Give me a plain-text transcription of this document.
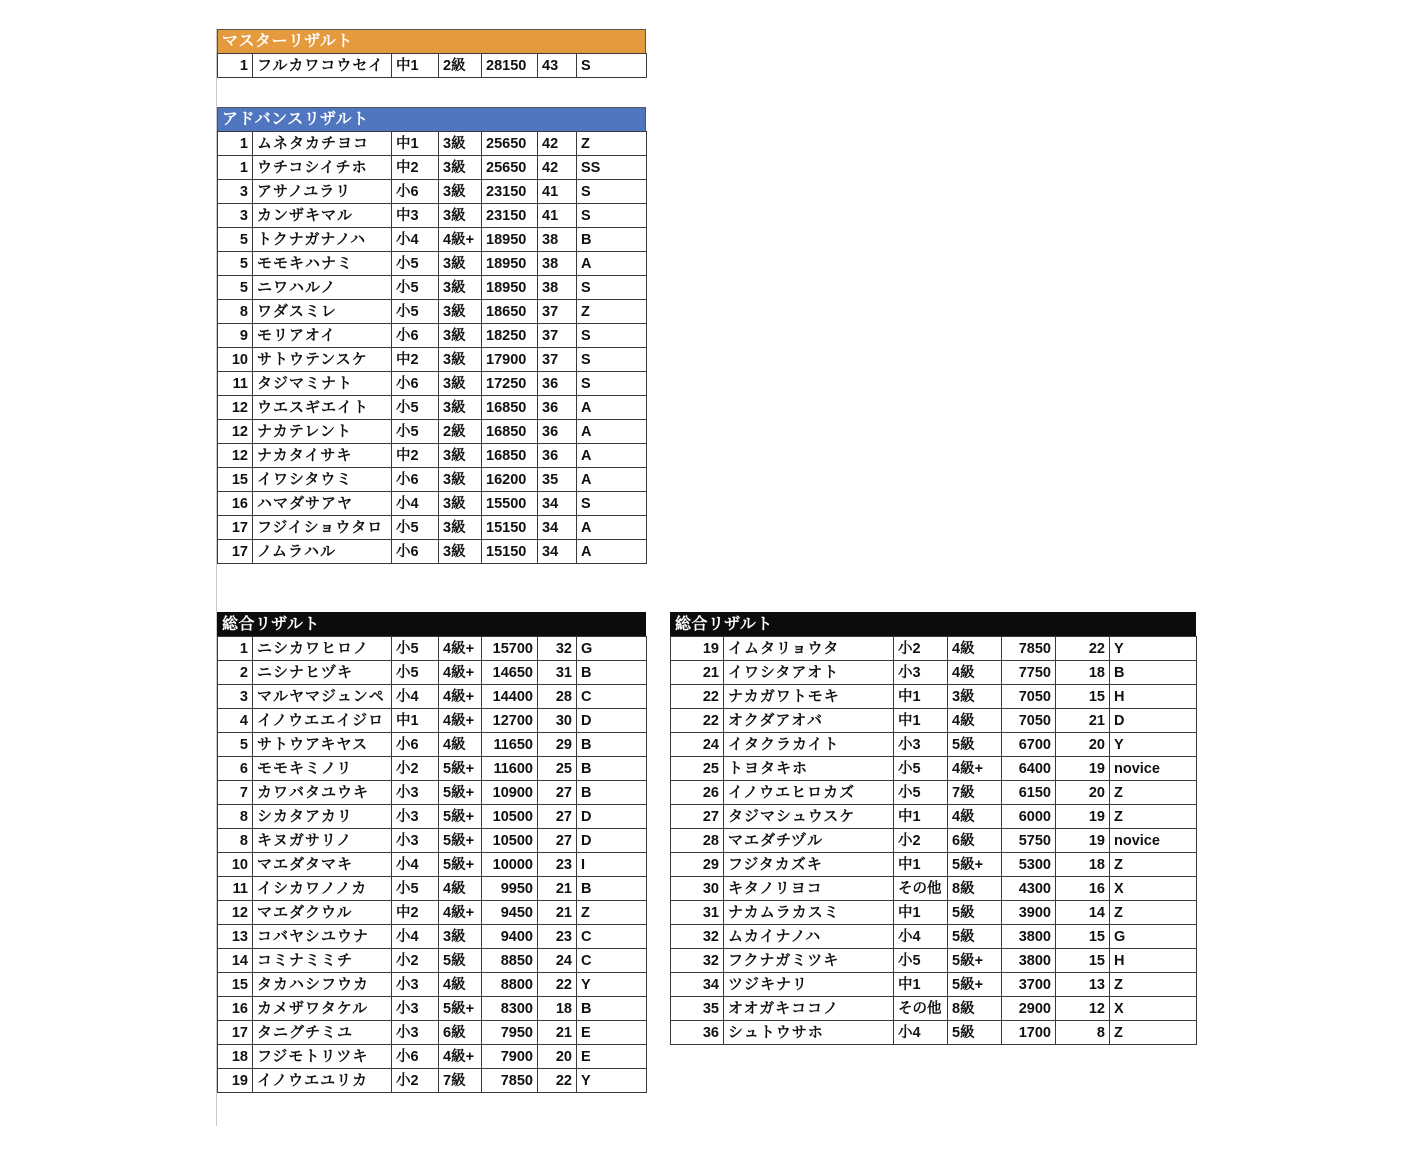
マスターリザルト
1	フルカワコウセイ	中1	2級	28150	43	S
アドバンスリザルト
1	ムネタカチヨコ	中1	3級	25650	42	Z
1	ウチコシイチホ	中2	3級	25650	42	SS
3	アサノユラリ	小6	3級	23150	41	S
3	カンザキマル	中3	3級	23150	41	S
5	トクナガナノハ	小4	4級+	18950	38	B
5	モモキハナミ	小5	3級	18950	38	A
5	ニワハルノ	小5	3級	18950	38	S
8	ワダスミレ	小5	3級	18650	37	Z
9	モリアオイ	小6	3級	18250	37	S
10	サトウテンスケ	中2	3級	17900	37	S
11	タジマミナト	小6	3級	17250	36	S
12	ウエスギエイト	小5	3級	16850	36	A
12	ナカテレント	小5	2級	16850	36	A
12	ナカタイサキ	中2	3級	16850	36	A
15	イワシタウミ	小6	3級	16200	35	A
16	ハマダサアヤ	小4	3級	15500	34	S
17	フジイショウタロ	小5	3級	15150	34	A
17	ノムラハル	小6	3級	15150	34	A
総合リザルト
1	ニシカワヒロノ	小5	4級+	15700	32	G
2	ニシナヒヅキ	小5	4級+	14650	31	B
3	マルヤマジュンペ	小4	4級+	14400	28	C
4	イノウエエイジロ	中1	4級+	12700	30	D
5	サトウアキヤス	小6	4級	11650	29	B
6	モモキミノリ	小2	5級+	11600	25	B
7	カワバタユウキ	小3	5級+	10900	27	B
8	シカタアカリ	小3	5級+	10500	27	D
8	キヌガサリノ	小3	5級+	10500	27	D
10	マエダタマキ	小4	5級+	10000	23	I
11	イシカワノノカ	小5	4級	9950	21	B
12	マエダクウル	中2	4級+	9450	21	Z
13	コバヤシユウナ	小4	3級	9400	23	C
14	コミナミミチ	小2	5級	8850	24	C
15	タカハシフウカ	小3	4級	8800	22	Y
16	カメザワタケル	小3	5級+	8300	18	B
17	タニグチミユ	小3	6級	7950	21	E
18	フジモトリツキ	小6	4級+	7900	20	E
19	イノウエユリカ	小2	7級	7850	22	Y
総合リザルト
19	イムタリョウタ	小2	4級	7850	22	Y
21	イワシタアオト	小3	4級	7750	18	B
22	ナカガワトモキ	中1	3級	7050	15	H
22	オクダアオバ	中1	4級	7050	21	D
24	イタクラカイト	小3	5級	6700	20	Y
25	トヨタキホ	小5	4級+	6400	19	novice
26	イノウエヒロカズ	小5	7級	6150	20	Z
27	タジマシュウスケ	中1	4級	6000	19	Z
28	マエダチヅル	小2	6級	5750	19	novice
29	フジタカズキ	中1	5級+	5300	18	Z
30	キタノリヨコ	その他	8級	4300	16	X
31	ナカムラカスミ	中1	5級	3900	14	Z
32	ムカイナノハ	小4	5級	3800	15	G
32	フクナガミツキ	小5	5級+	3800	15	H
34	ツジキナリ	中1	5級+	3700	13	Z
35	オオガキココノ	その他	8級	2900	12	X
36	シュトウサホ	小4	5級	1700	8	Z
